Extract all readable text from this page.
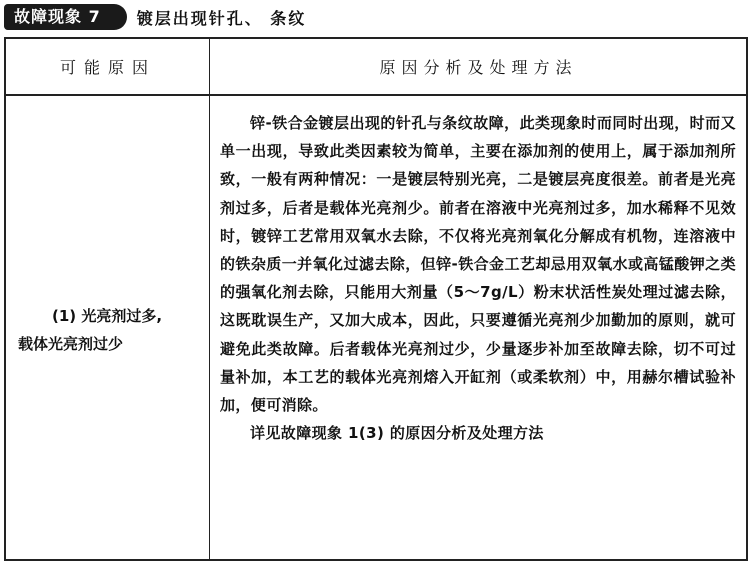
故障现象 7	镀层出现针孔、 条纹
可能原因	原因分析及处理方法
(1) 光亮剂过多,
载体光亮剂过少

锌-铁合金镀层出现的针孔与条纹故障，此类现象时而同时出现，时而又单一出现，导致此类因素较为简单，主要在添加剂的使用上，属于添加剂所致，一般有两种情况：一是镀层特别光亮，二是镀层亮度很差。前者是光亮剂过多，后者是载体光亮剂少。前者在溶液中光亮剂过多，加水稀释不见效时，镀锌工艺常用双氧水去除，不仅将光亮剂氧化分解成有机物，连溶液中的铁杂质一并氧化过滤去除，但锌-铁合金工艺却忌用双氧水或高锰酸钾之类的强氧化剂去除，只能用大剂量（5～7g/L）粉末状活性炭处理过滤去除，这既耽误生产，又加大成本，因此，只要遵循光亮剂少加勤加的原则，就可避免此类故障。后者载体光亮剂过少，少量逐步补加至故障去除，切不可过量补加，本工艺的载体光亮剂熔入开缸剂（或柔软剂）中，用赫尔槽试验补加，便可消除。

详见故障现象 1(3) 的原因分析及处理方法
